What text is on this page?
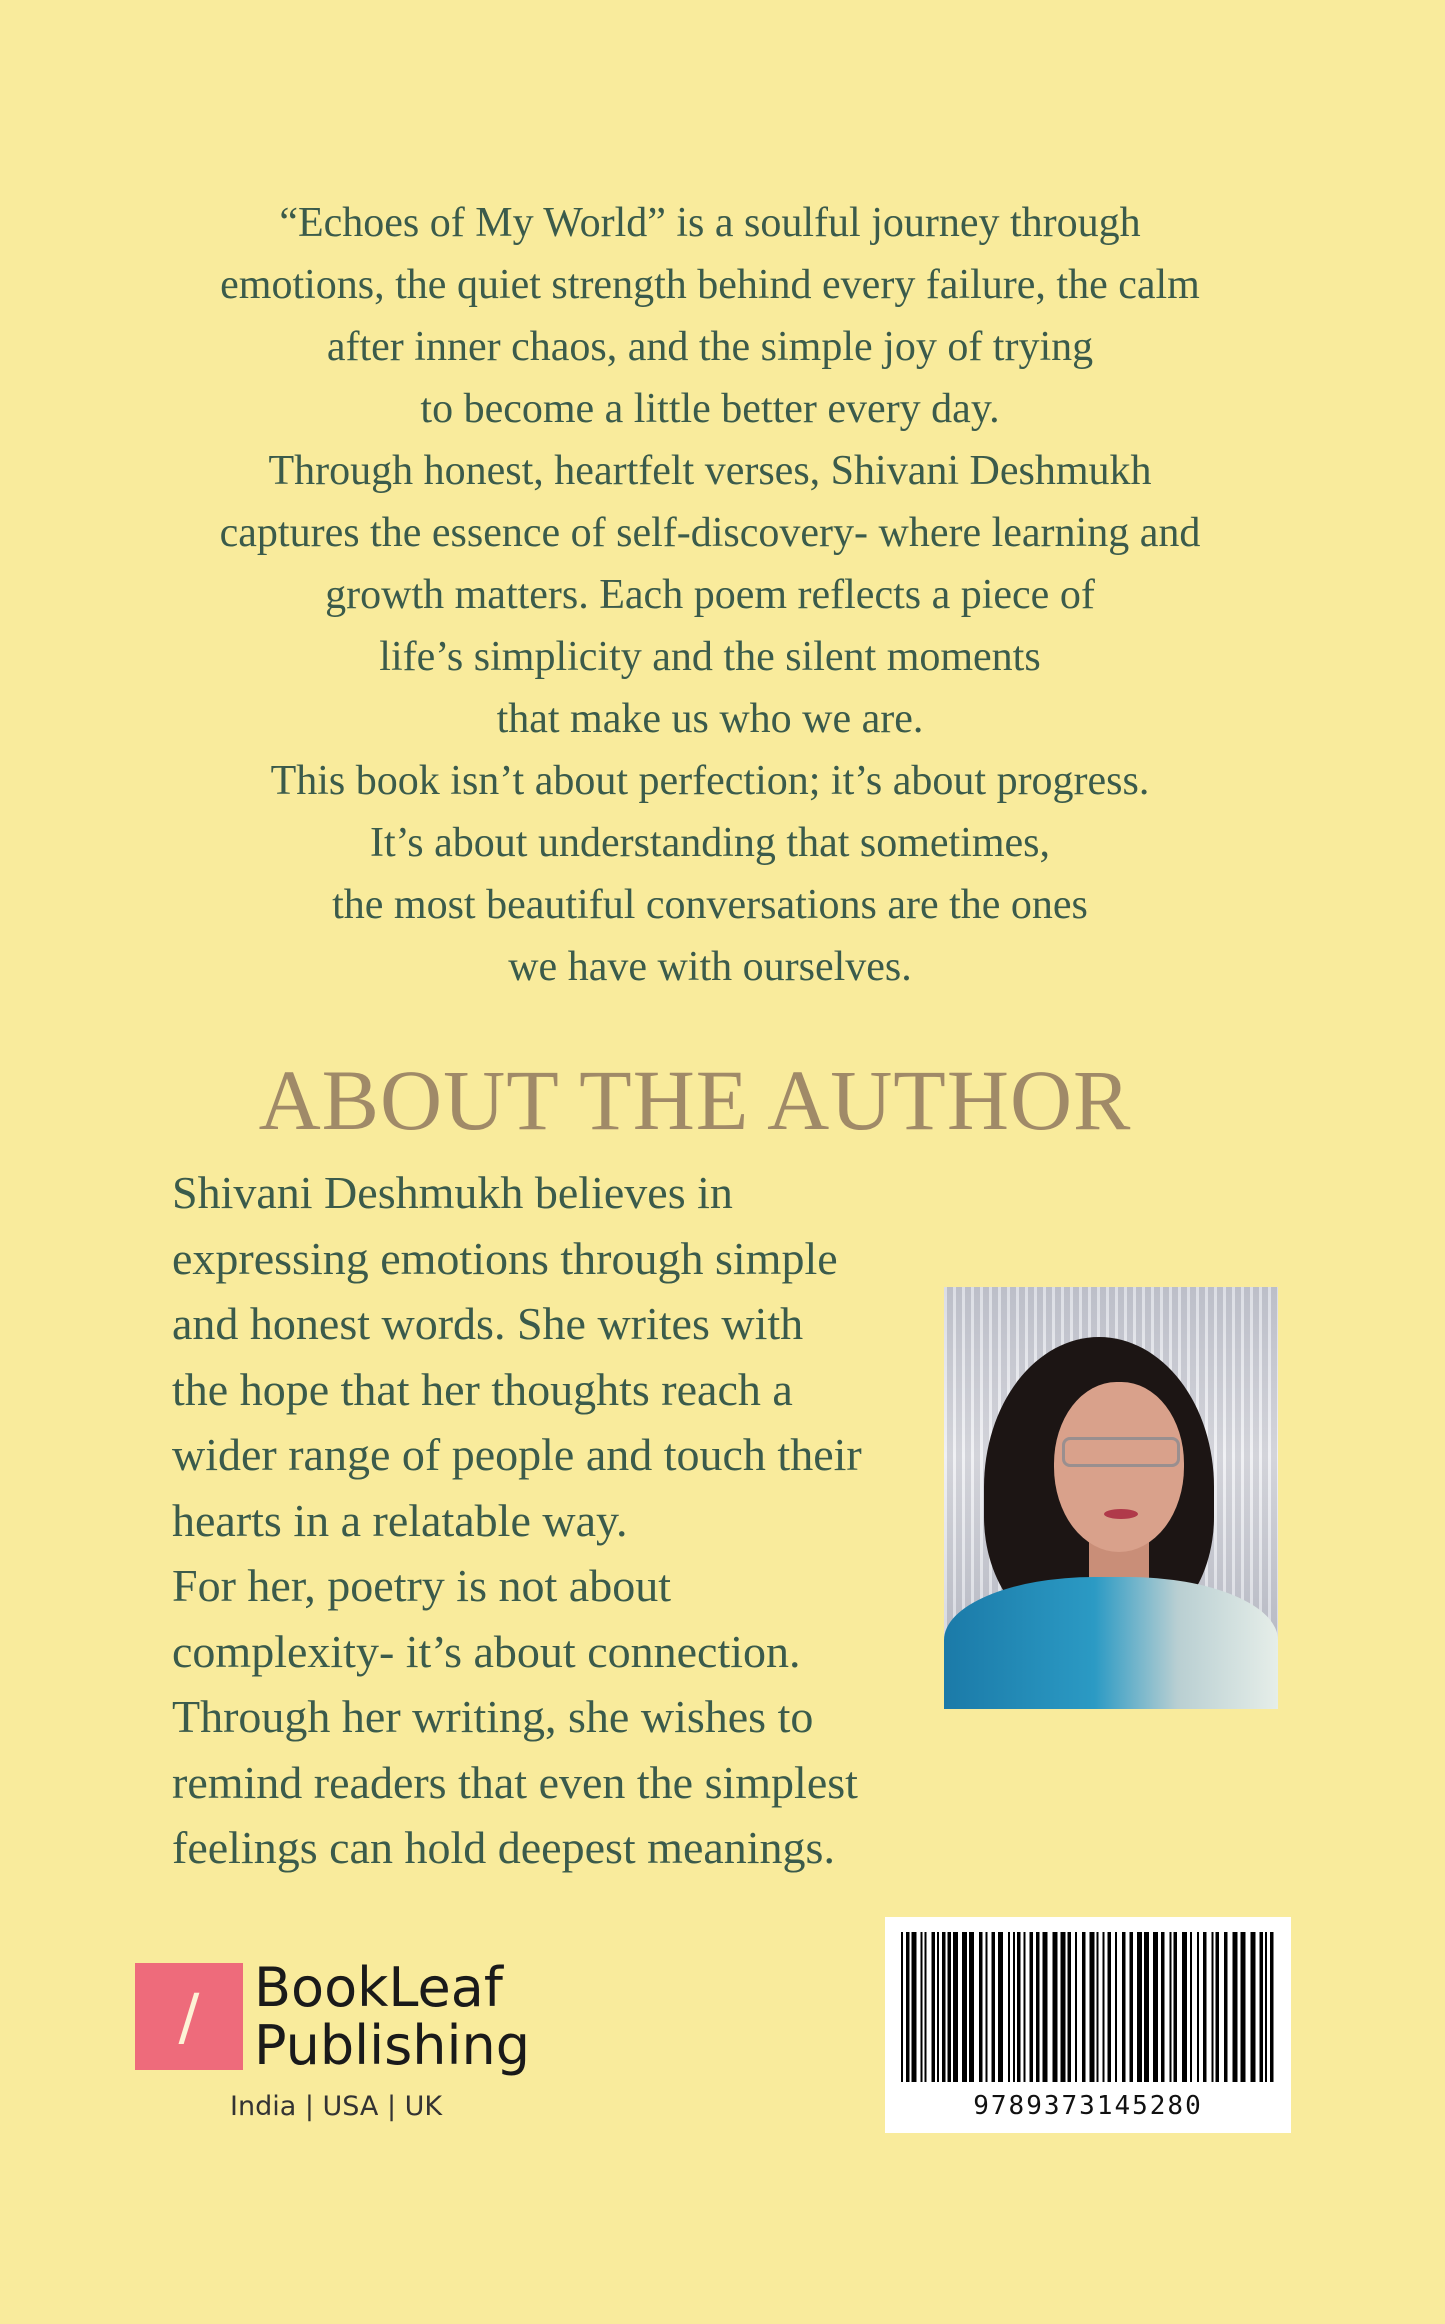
“Echoes of My World” is a soulful journey through
emotions, the quiet strength behind every failure, the calm
after inner chaos, and the simple joy of trying
to become a little better every day.
Through honest, heartfelt verses, Shivani Deshmukh
captures the essence of self-discovery- where learning and
growth matters. Each poem reflects a piece of
life’s simplicity and the silent moments
that make us who we are.
This book isn’t about perfection; it’s about progress.
It’s about understanding that sometimes,
the most beautiful conversations are the ones
we have with ourselves.
ABOUT THE AUTHOR
Shivani Deshmukh believes in
expressing emotions through simple
and honest words. She writes with
the hope that her thoughts reach a
wider range of people and touch their
hearts in a relatable way.
For her, poetry is not about
complexity- it’s about connection.
Through her writing, she wishes to
remind readers that even the simplest
feelings can hold deepest meanings.
/	BookLeaf
Publishing
India | USA | UK	9789373145280
